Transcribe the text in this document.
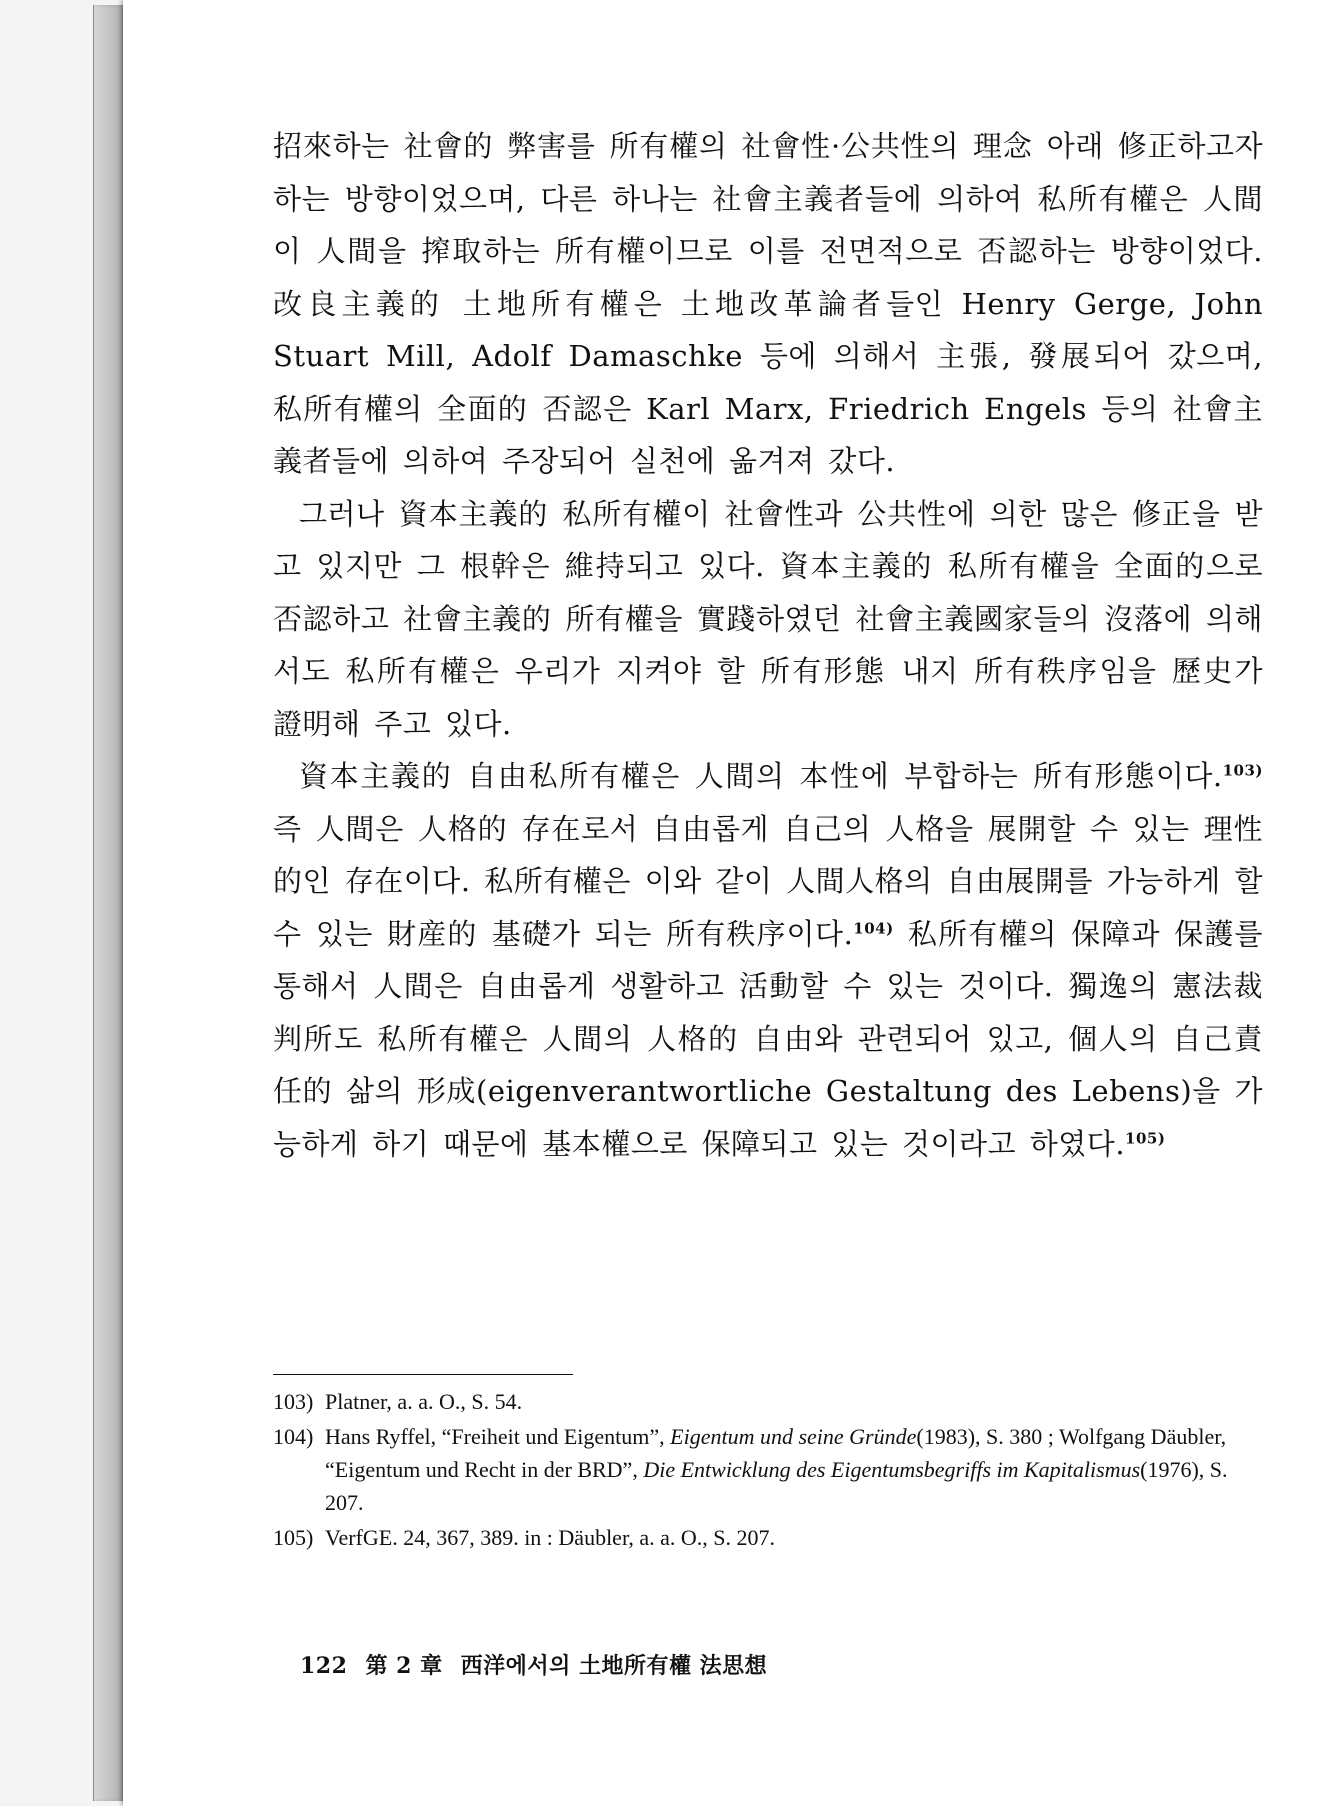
招來하는 社會的 弊害를 所有權의 社會性·公共性의 理念 아래 修正하고자 하는 방향이었으며, 다른 하나는 社會主義者들에 의하여 私所有權은 人間이 人間을 搾取하는 所有權이므로 이를 전면적으로 否認하는 방향이었다. 改良主義的 土地所有權은 土地改革論者들인 Henry Gerge, John Stuart Mill, Adolf Damaschke 등에 의해서 主張, 發展되어 갔으며, 私所有權의 全面的 否認은 Karl Marx, Friedrich Engels 등의 社會主義者들에 의하여 주장되어 실천에 옮겨져 갔다.

그러나 資本主義的 私所有權이 社會性과 公共性에 의한 많은 修正을 받고 있지만 그 根幹은 維持되고 있다. 資本主義的 私所有權을 全面的으로 否認하고 社會主義的 所有權을 實踐하였던 社會主義國家들의 沒落에 의해서도 私所有權은 우리가 지켜야 할 所有形態 내지 所有秩序임을 歷史가 證明해 주고 있다.

資本主義的 自由私所有權은 人間의 本性에 부합하는 所有形態이다.$^{103)}$ 즉 人間은 人格的 存在로서 自由롭게 自己의 人格을 展開할 수 있는 理性的인 存在이다. 私所有權은 이와 같이 人間人格의 自由展開를 가능하게 할 수 있는 財産的 基礎가 되는 所有秩序이다.$^{104)}$ 私所有權의 保障과 保護를 통해서 人間은 自由롭게 생활하고 活動할 수 있는 것이다. 獨逸의 憲法裁判所도 私所有權은 人間의 人格的 自由와 관련되어 있고, 個人의 自己責任的 삶의 形成(eigenverantwortliche Gestaltung des Lebens)을 가능하게 하기 때문에 基本權으로 保障되고 있는 것이라고 하였다.$^{105)}$

103) Platner, a. a. O., S. 54.

104) Hans Ryffel, “Freiheit und Eigentum”, Eigentum und seine Gründe(1983), S. 380 ; Wolfgang Däubler, “Eigentum und Recht in der BRD”, Die Entwicklung des Eigentumsbegriffs im Kapitalismus(1976), S. 207.

105) VerfGE. 24, 367, 389. in : Däubler, a. a. O., S. 207.

122 第 2 章 西洋에서의 土地所有權 法思想
